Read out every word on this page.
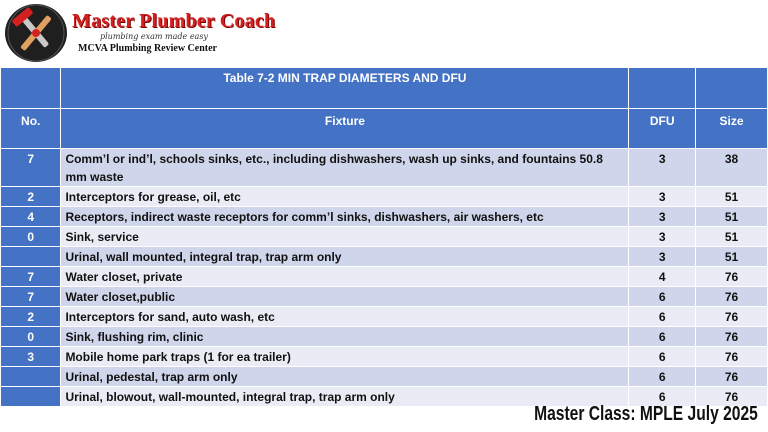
Master Plumber Coach
plumbing exam made easy
MCVA Plumbing Review Center
	Table 7-2 MIN TRAP DIAMETERS AND DFU		
No.	Fixture	DFU	Size
7	Comm’l or ind’l, schools sinks, etc., including dishwashers, wash up sinks, and fountains 50.8 mm waste	3	38
2	Interceptors for grease, oil, etc	3	51
4	Receptors, indirect waste receptors for comm’l sinks, dishwashers, air washers, etc	3	51
0	Sink, service	3	51
	Urinal, wall mounted, integral trap, trap arm only	3	51
7	Water closet, private	4	76
7	Water closet,public	6	76
2	Interceptors for sand, auto wash, etc	6	76
0	Sink, flushing rim, clinic	6	76
3	Mobile home park traps (1 for ea trailer)	6	76
	Urinal, pedestal, trap arm only	6	76
	Urinal, blowout, wall-mounted, integral trap, trap arm only	6	76
Master Class: MPLE July 2025
